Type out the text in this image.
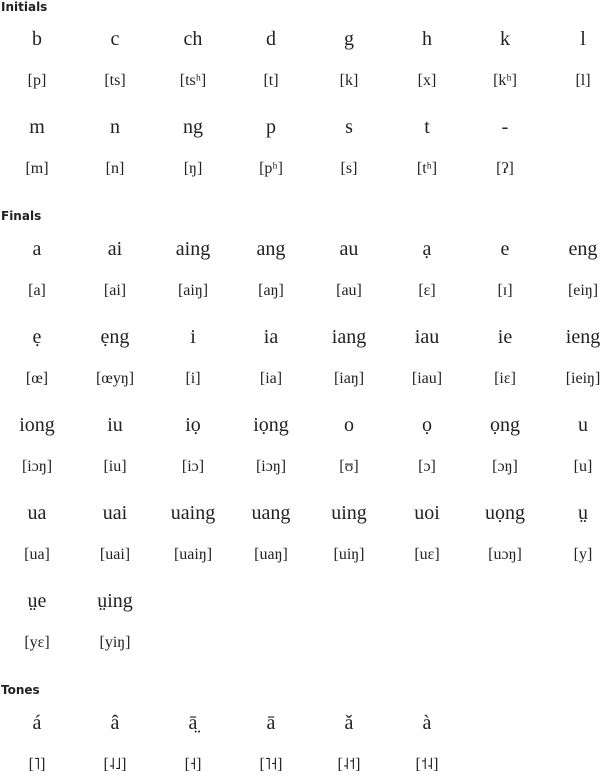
Initials
b	c	ch	d	g	h	k	l
[p]	[ts]	[tsʰ]	[t]	[k]	[x]	[kʰ]	[l]
m	n	ng	p	s	t	-
[m]	[n]	[ŋ]	[pʰ]	[s]	[tʰ]	[ʔ]
Finals
a	ai	aing	ang	au	ạ	e	eng
[a]	[ai]	[aiŋ]	[aŋ]	[au]	[ɛ]	[ɪ]	[eiŋ]
ẹ	ẹng	i	ia	iang	iau	ie	ieng
[œ]	[œyŋ]	[i]	[ia]	[iaŋ]	[iau]	[iɛ]	[ieiŋ]
iong	iu	iọ	iọng	o	ọ	ọng	u
[iɔŋ]	[iu]	[iɔ]	[iɔŋ]	[ʊ]	[ɔ]	[ɔŋ]	[u]
ua	uai	uaing	uang	uing	uoi	uọng	ṳ
[ua]	[uai]	[uaiŋ]	[uaŋ]	[uiŋ]	[uɛ]	[uɔŋ]	[y]
ṳe	ṳing
[yɛ]	[yiŋ]
Tones
á	â	ā̤	ā	ǎ	à
[˥]	[˨˩]	[˧]	[˥˧]	[˨˦]	[˦˨]
